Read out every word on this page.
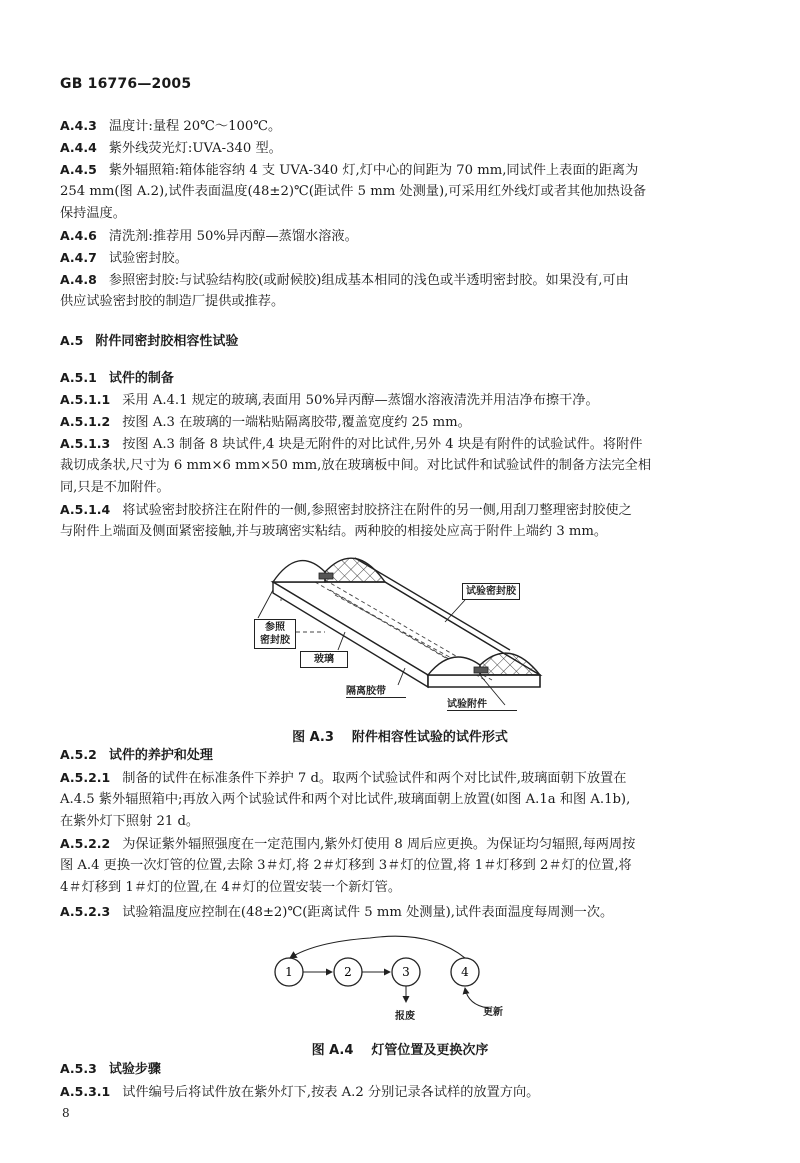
GB 16776—2005
A.4.3 温度计:量程 20℃～100℃。
A.4.4 紫外线荧光灯:UVA-340 型。
A.4.5 紫外辐照箱:箱体能容纳 4 支 UVA-340 灯,灯中心的间距为 70 mm,同试件上表面的距离为
254 mm(图 A.2),试件表面温度(48±2)℃(距试件 5 mm 处测量),可采用红外线灯或者其他加热设备
保持温度。
A.4.6 清洗剂:推荐用 50%异丙醇—蒸馏水溶液。
A.4.7 试验密封胶。
A.4.8 参照密封胶:与试验结构胶(或耐候胶)组成基本相同的浅色或半透明密封胶。如果没有,可由
供应试验密封胶的制造厂提供或推荐。
A.5 附件同密封胶相容性试验
A.5.1 试件的制备
A.5.1.1 采用 A.4.1 规定的玻璃,表面用 50%异丙醇—蒸馏水溶液清洗并用洁净布擦干净。
A.5.1.2 按图 A.3 在玻璃的一端粘贴隔离胶带,覆盖宽度约 25 mm。
A.5.1.3 按图 A.3 制备 8 块试件,4 块是无附件的对比试件,另外 4 块是有附件的试验试件。将附件
裁切成条状,尺寸为 6 mm×6 mm×50 mm,放在玻璃板中间。对比试件和试验试件的制备方法完全相
同,只是不加附件。
A.5.1.4 将试验密封胶挤注在附件的一侧,参照密封胶挤注在附件的另一侧,用刮刀整理密封胶使之
与附件上端面及侧面紧密接触,并与玻璃密实粘结。两种胶的相接处应高于附件上端约 3 mm。
试验密封胶
参照
密封胶
玻璃
隔离胶带
试验附件
图 A.3 附件相容性试验的试件形式
A.5.2 试件的养护和处理
A.5.2.1 制备的试件在标准条件下养护 7 d。取两个试验试件和两个对比试件,玻璃面朝下放置在
A.4.5 紫外辐照箱中;再放入两个试验试件和两个对比试件,玻璃面朝上放置(如图 A.1a 和图 A.1b),
在紫外灯下照射 21 d。
A.5.2.2 为保证紫外辐照强度在一定范围内,紫外灯使用 8 周后应更换。为保证均匀辐照,每两周按
图 A.4 更换一次灯管的位置,去除 3＃灯,将 2＃灯移到 3＃灯的位置,将 1＃灯移到 2＃灯的位置,将
4＃灯移到 1＃灯的位置,在 4＃灯的位置安装一个新灯管。
A.5.2.3 试验箱温度应控制在(48±2)℃(距离试件 5 mm 处测量),试件表面温度每周测一次。
1	2	3	4
报废	更新
图 A.4 灯管位置及更换次序
A.5.3 试验步骤
A.5.3.1 试件编号后将试件放在紫外灯下,按表 A.2 分别记录各试样的放置方向。
8
